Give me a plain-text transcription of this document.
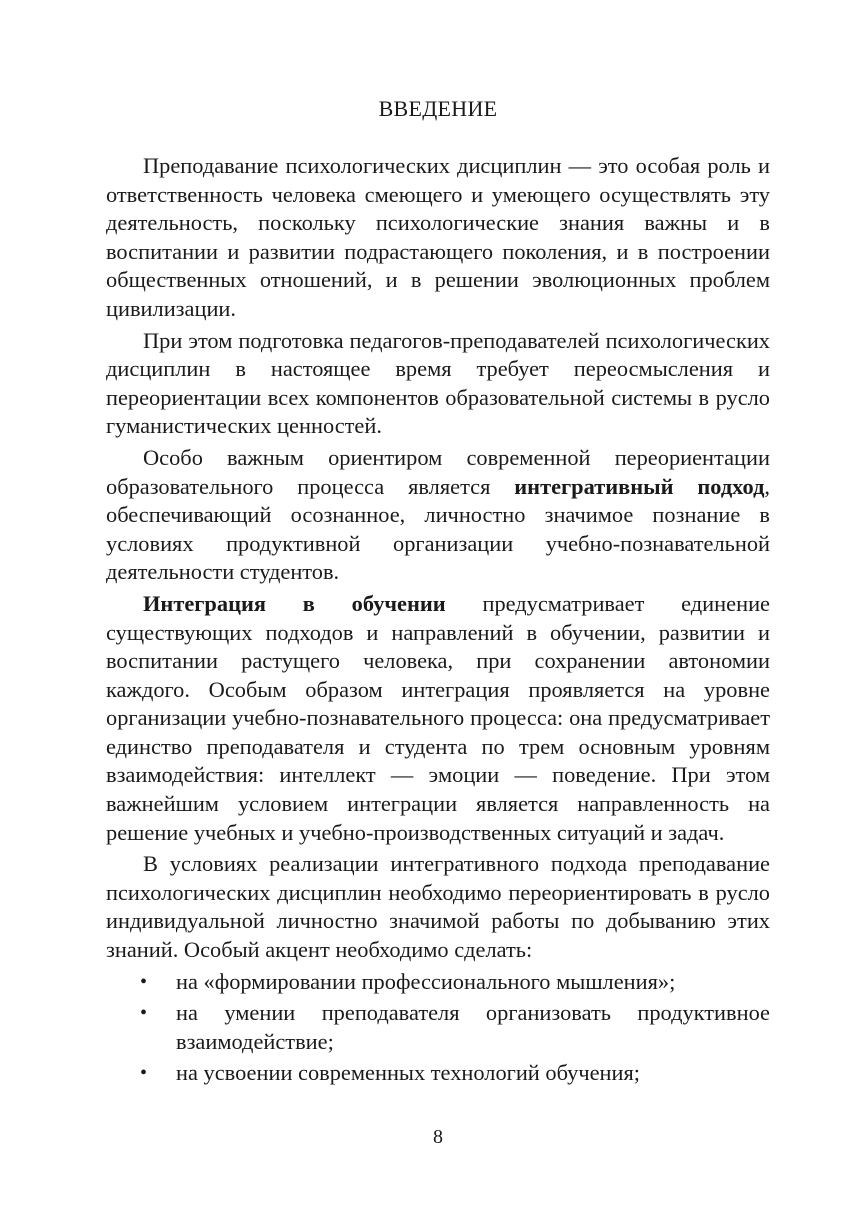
ВВЕДЕНИЕ

Преподавание психологических дисциплин — это особая роль и ответственность человека смеющего и умеющего осуществлять эту деятельность, поскольку психологические знания важны и в воспитании и развитии подрастающего поколения, и в построении общественных отношений, и в решении эволюционных проблем цивилизации.

При этом подготовка педагогов-преподавателей психологических дисциплин в настоящее время требует переосмысления и переориентации всех компонентов образовательной системы в русло гуманистических ценностей.

Особо важным ориентиром современной переориентации образовательного процесса является интегративный подход, обеспечивающий осознанное, личностно значимое познание в условиях продуктивной организации учебно-познавательной деятельности студентов.

Интеграция в обучении предусматривает единение существующих подходов и направлений в обучении, развитии и воспитании растущего человека, при сохранении автономии каждого. Особым образом интеграция проявляется на уровне организации учебно-познавательного процесса: она предусматривает единство преподавателя и студента по трем основным уровням взаимодействия: интеллект — эмоции — поведение. При этом важнейшим условием интеграции является направленность на решение учебных и учебно-производственных ситуаций и задач.

В условиях реализации интегративного подхода преподавание психологических дисциплин необходимо переориентировать в русло индивидуальной личностно значимой работы по добыванию этих знаний. Особый акцент необходимо сделать:

• на «формировании профессионального мышления»;
• на умении преподавателя организовать продуктивное взаимодействие;
• на усвоении современных технологий обучения;
8
